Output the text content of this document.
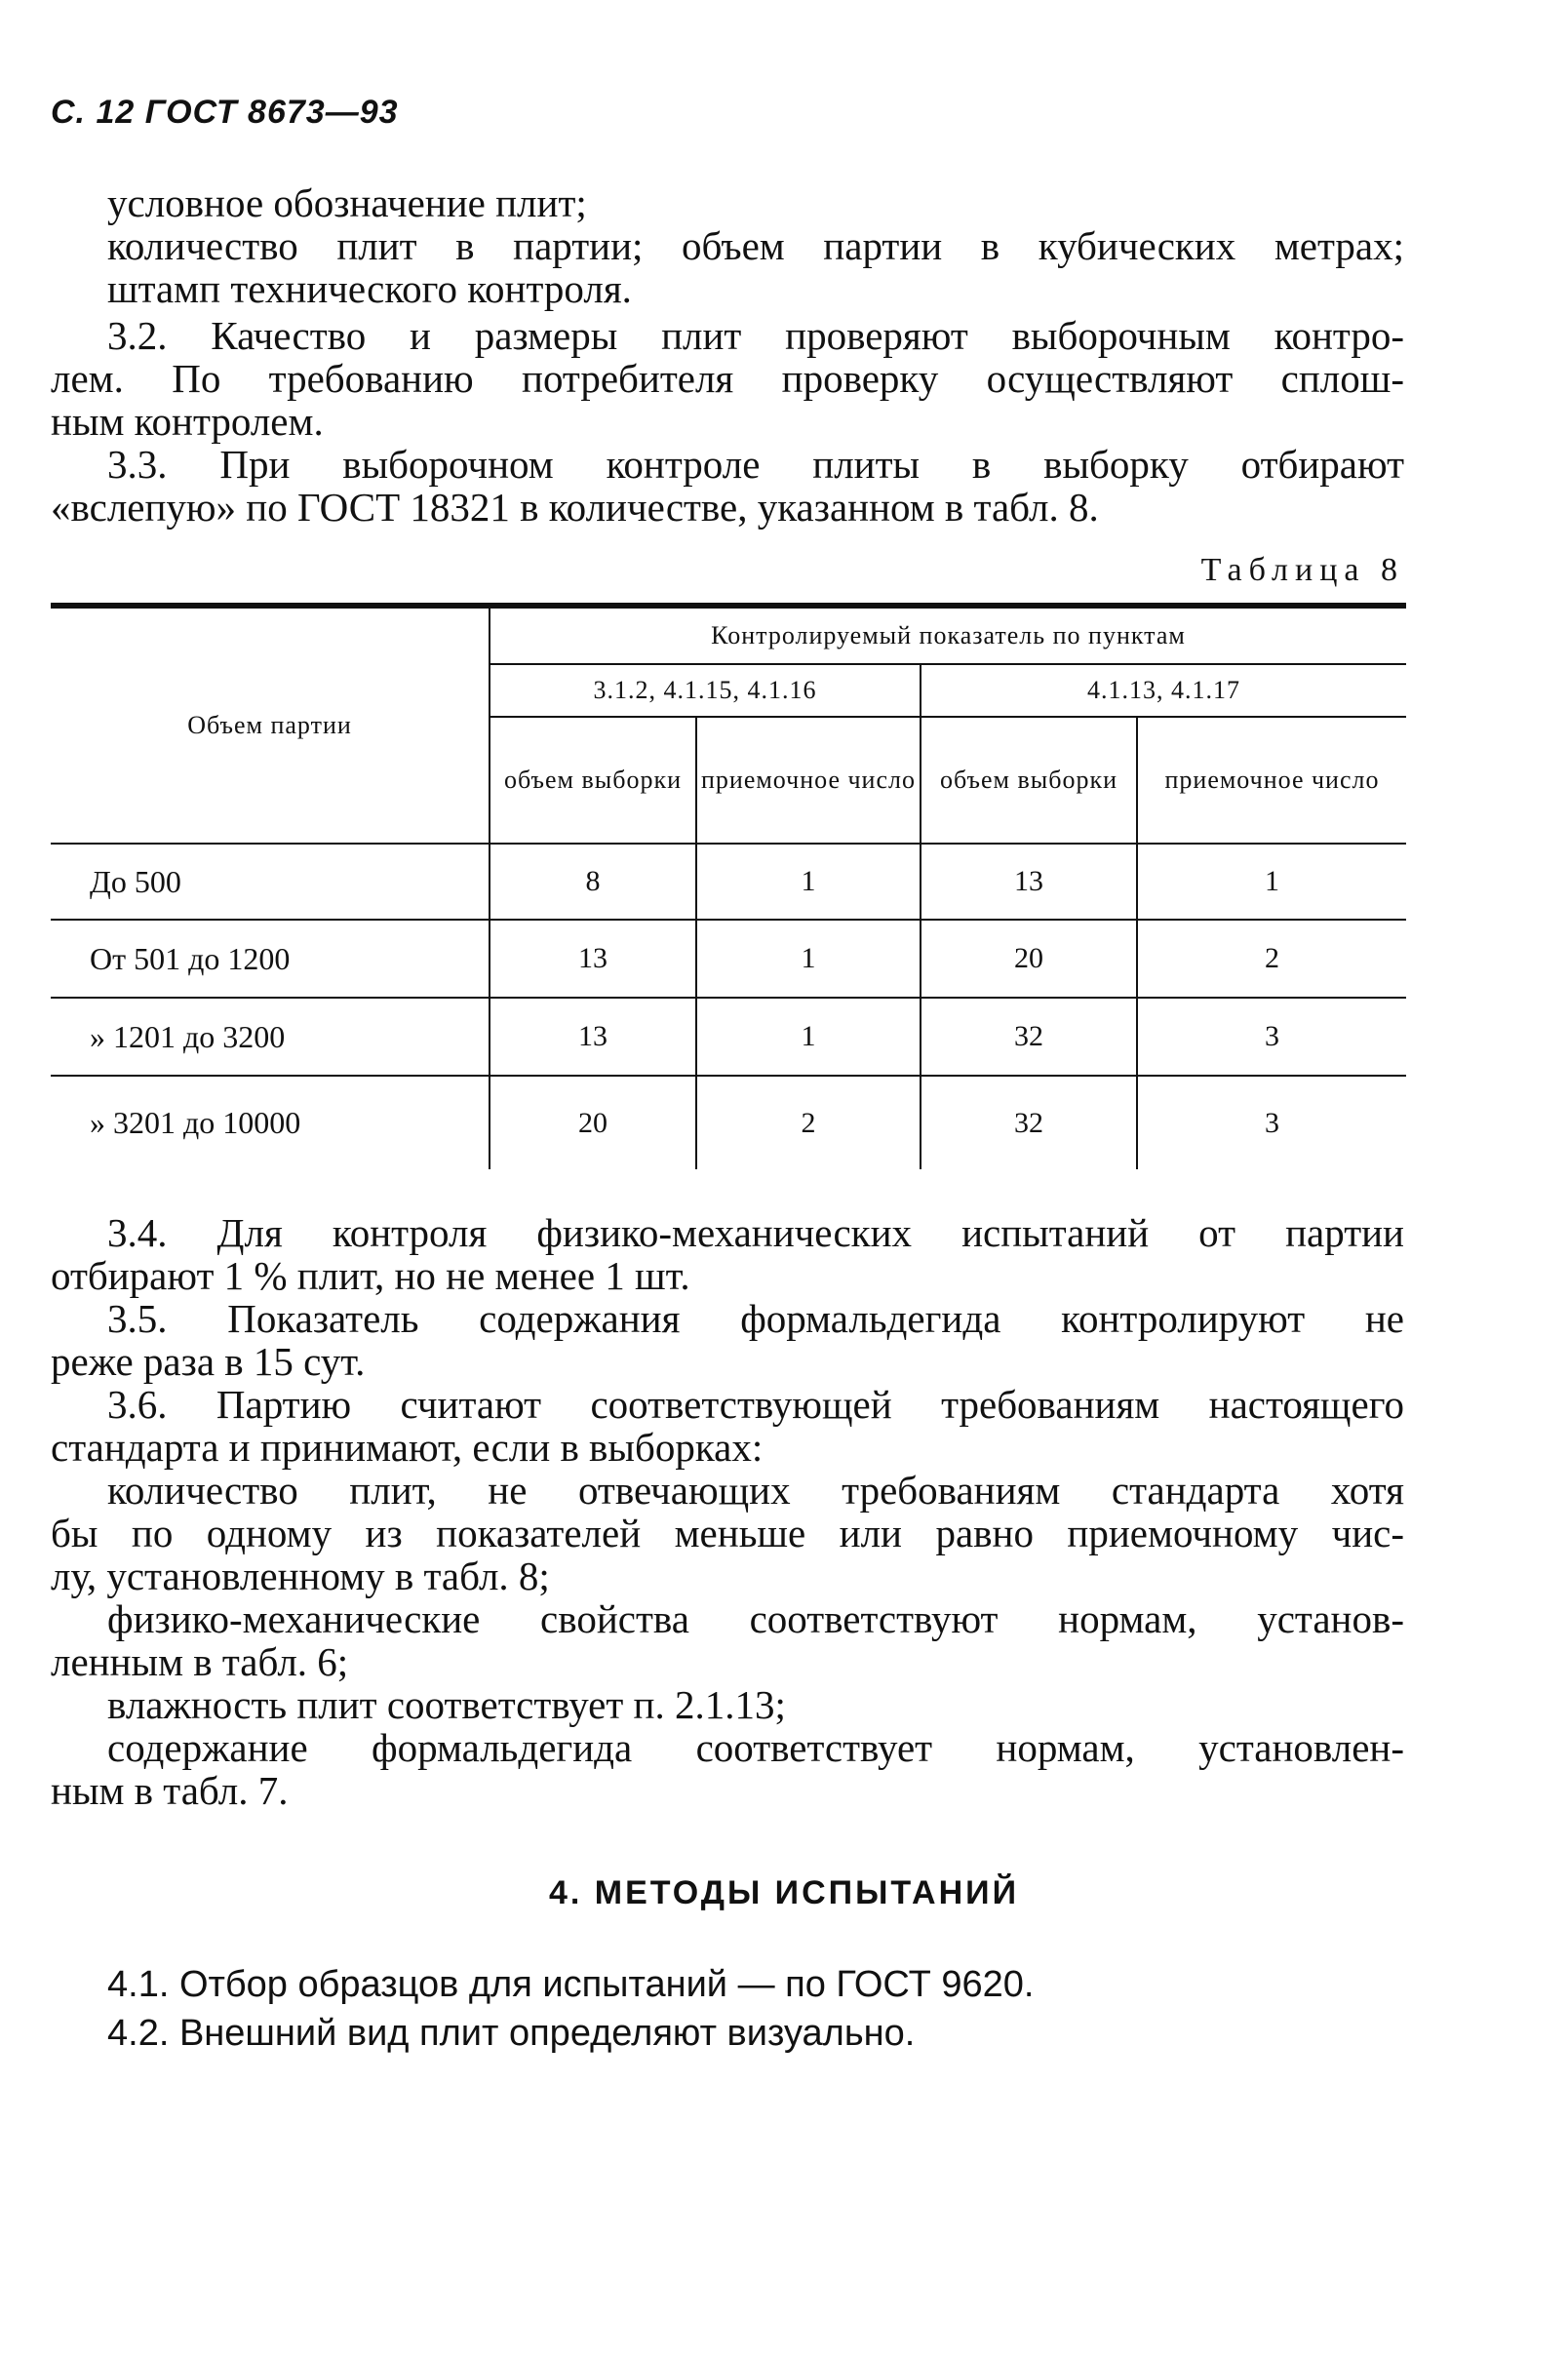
С. 12 ГОСТ 8673—93
условное обозначение плит;
количество плит в партии; объем партии в кубических метрах;
штамп технического контроля.
3.2. Качество и размеры плит проверяют выборочным контро-
лем. По требованию потребителя проверку осуществляют сплош-
ным контролем.
3.3. При выборочном контроле плиты в выборку отбирают
«вслепую» по ГОСТ 18321 в количестве, указанном в табл. 8.
Таблица 8
Объем партии	Контролируемый показатель по пунктам			
	3.1.2, 4.1.15, 4.1.16		4.1.13, 4.1.17	
	объем выборки	приемочное число	объем выборки	приемочное число
До 500	8	1	13	1
От 501 до 1200	13	1	20	2
» 1201 до 3200	13	1	32	3
» 3201 до 10000	20	2	32	3
3.4. Для контроля физико-механических испытаний от партии
отбирают 1 % плит, но не менее 1 шт.
3.5. Показатель содержания формальдегида контролируют не
реже раза в 15 сут.
3.6. Партию считают соответствующей требованиям настоящего
стандарта и принимают, если в выборках:
количество плит, не отвечающих требованиям стандарта хотя
бы по одному из показателей меньше или равно приемочному чис-
лу, установленному в табл. 8;
физико-механические свойства соответствуют нормам, установ-
ленным в табл. 6;
влажность плит соответствует п. 2.1.13;
содержание формальдегида соответствует нормам, установлен-
ным в табл. 7.
4. МЕТОДЫ ИСПЫТАНИЙ
4.1. Отбор образцов для испытаний — по ГОСТ 9620.
4.2. Внешний вид плит определяют визуально.
